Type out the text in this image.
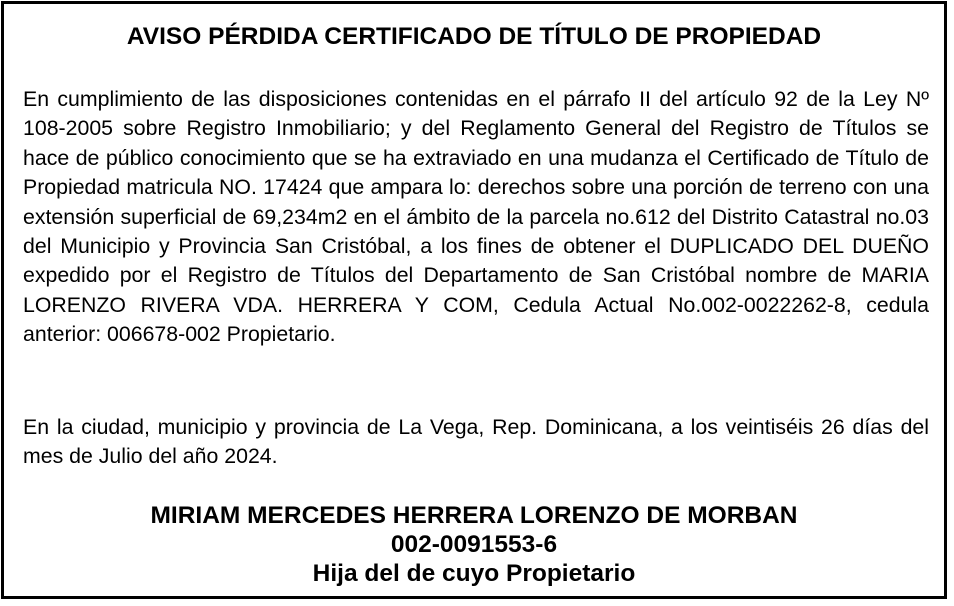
AVISO PÉRDIDA CERTIFICADO DE TÍTULO DE PROPIEDAD

En cumplimiento de las disposiciones contenidas en el párrafo II del artículo 92 de la Ley Nº 108-2005 sobre Registro Inmobiliario; y del Reglamento General del Registro de Títulos se hace de público conocimiento que se ha extraviado en una mudanza el Certificado de Título de Propiedad matricula NO. 17424 que ampara lo: derechos sobre una porción de terreno con una extensión superficial de 69,234m2 en el ámbito de la parcela no.612 del Distrito Catastral no.03 del Municipio y Provincia San Cristóbal, a los fines de obtener el DUPLICADO DEL DUEÑO expedido por el Registro de Títulos del Departamento de San Cristóbal nombre de MARIA LORENZO RIVERA VDA. HERRERA Y COM, Cedula Actual No.002-0022262-8, cedula anterior: 006678-002 Propietario.

En la ciudad, municipio y provincia de La Vega, Rep. Dominicana, a los veintiséis 26 días del mes de Julio del año 2024.

MIRIAM MERCEDES HERRERA LORENZO DE MORBAN
002-0091553-6
Hija del de cuyo Propietario
